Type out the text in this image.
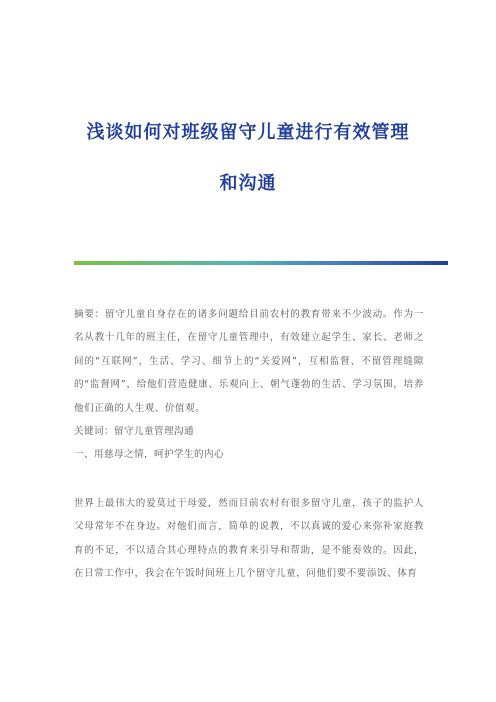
浅谈如何对班级留守儿童进行有效管理
和沟通

摘要：留守儿童自身存在的诸多问题给目前农村的教育带来不少波动。作为一名从教十几年的班主任，在留守儿童管理中，有效建立起学生、家长、老师之间的“互联网”，生活、学习、细节上的“关爱网”，互相监督、不留管理缝隙的“监督网”，给他们营造健康、乐观向上、朝气蓬勃的生活、学习氛围，培养他们正确的人生观、价值观。

关键词：留守儿童管理沟通

一、用慈母之情，呵护学生的内心

世界上最伟大的爱莫过于母爱，然而目前农村有很多留守儿童，孩子的监护人父母常年不在身边。对他们而言，简单的说教，不以真诚的爱心来弥补家庭教育的不足，不以适合其心理特点的教育来引导和帮助，是不能奏效的。因此，在日常工作中，我会在午饭时间班上几个留守儿童，问他们要不要添饭、体育
